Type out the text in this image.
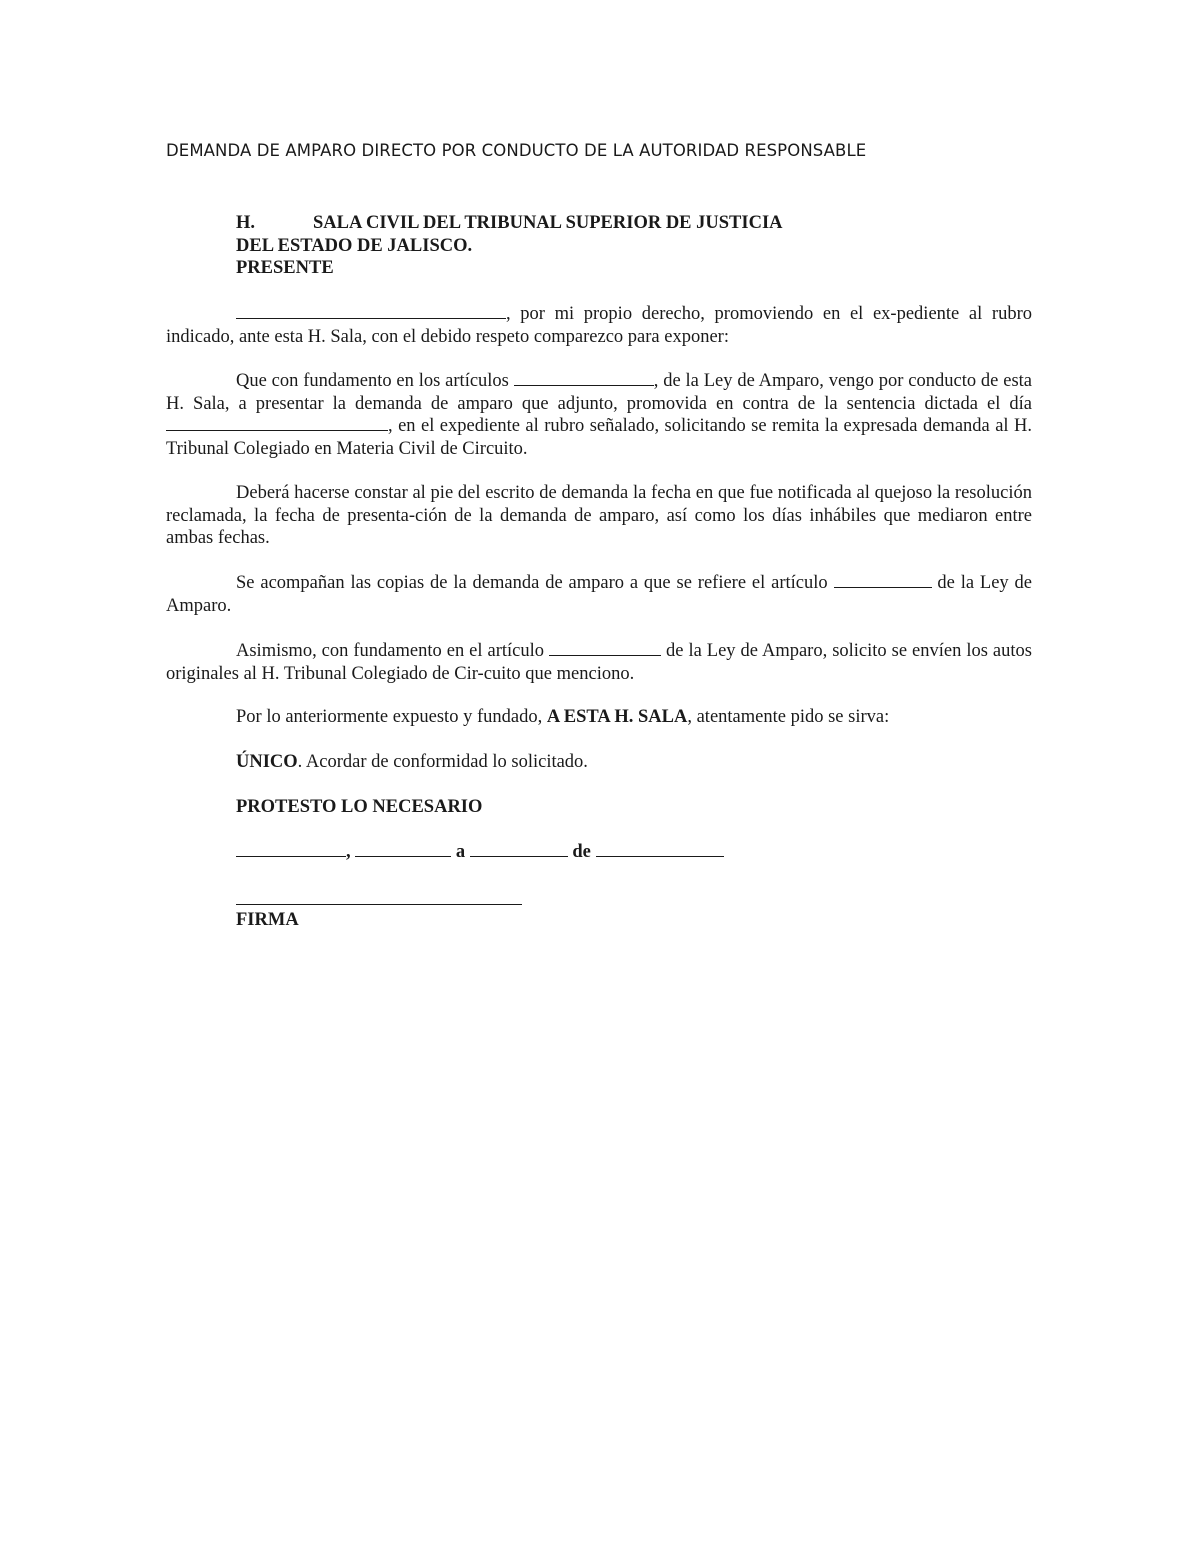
DEMANDA DE AMPARO DIRECTO POR CONDUCTO DE LA AUTORIDAD RESPONSABLE
H.	SALA CIVIL DEL TRIBUNAL SUPERIOR DE JUSTICIA
DEL ESTADO DE JALISCO.
PRESENTE

, por mi propio derecho, promoviendo en el ex-pediente al rubro indicado, ante esta H. Sala, con el debido respeto comparezco para exponer:

Que con fundamento en los artículos	, de la Ley de Amparo, vengo por conducto de esta H. Sala, a presentar la demanda de amparo que adjunto, promovida en contra de la sentencia dictada el día , en el expediente al rubro señalado, solicitando se remita la expresada demanda al H. Tribunal Colegiado en Materia Civil de Circuito.

Deberá hacerse constar al pie del escrito de demanda la fecha en que fue notificada al quejoso la resolución reclamada, la fecha de presenta-ción de la demanda de amparo, así como los días inhábiles que mediaron entre ambas fechas.

Se acompañan las copias de la demanda de amparo a que se refiere el artículo	de la Ley de Amparo.

Asimismo, con fundamento en el artículo	de la Ley de Amparo, solicito se envíen los autos originales al H. Tribunal Colegiado de Cir-cuito que menciono.

Por lo anteriormente expuesto y fundado, A ESTA H. SALA, atentamente pido se sirva:
ÚNICO. Acordar de conformidad lo solicitado.
PROTESTO LO NECESARIO
,	a	de
FIRMA
